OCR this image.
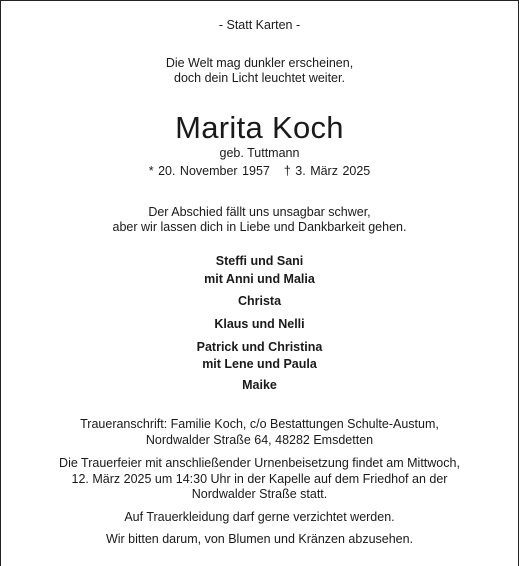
- Statt Karten -
Die Welt mag dunkler erscheinen,
doch dein Licht leuchtet weiter.
Marita Koch
geb. Tuttmann
* 20. November 1957 † 3. März 2025
Der Abschied fällt uns unsagbar schwer,
aber wir lassen dich in Liebe und Dankbarkeit gehen.
Steffi und Sani
mit Anni und Malia
Christa
Klaus und Nelli
Patrick und Christina
mit Lene und Paula
Maike
Traueranschrift: Familie Koch, c/o Bestattungen Schulte-Austum,
Nordwalder Straße 64, 48282 Emsdetten
Die Trauerfeier mit anschließender Urnenbeisetzung findet am Mittwoch,
12. März 2025 um 14:30 Uhr in der Kapelle auf dem Friedhof an der
Nordwalder Straße statt.
Auf Trauerkleidung darf gerne verzichtet werden.
Wir bitten darum, von Blumen und Kränzen abzusehen.
